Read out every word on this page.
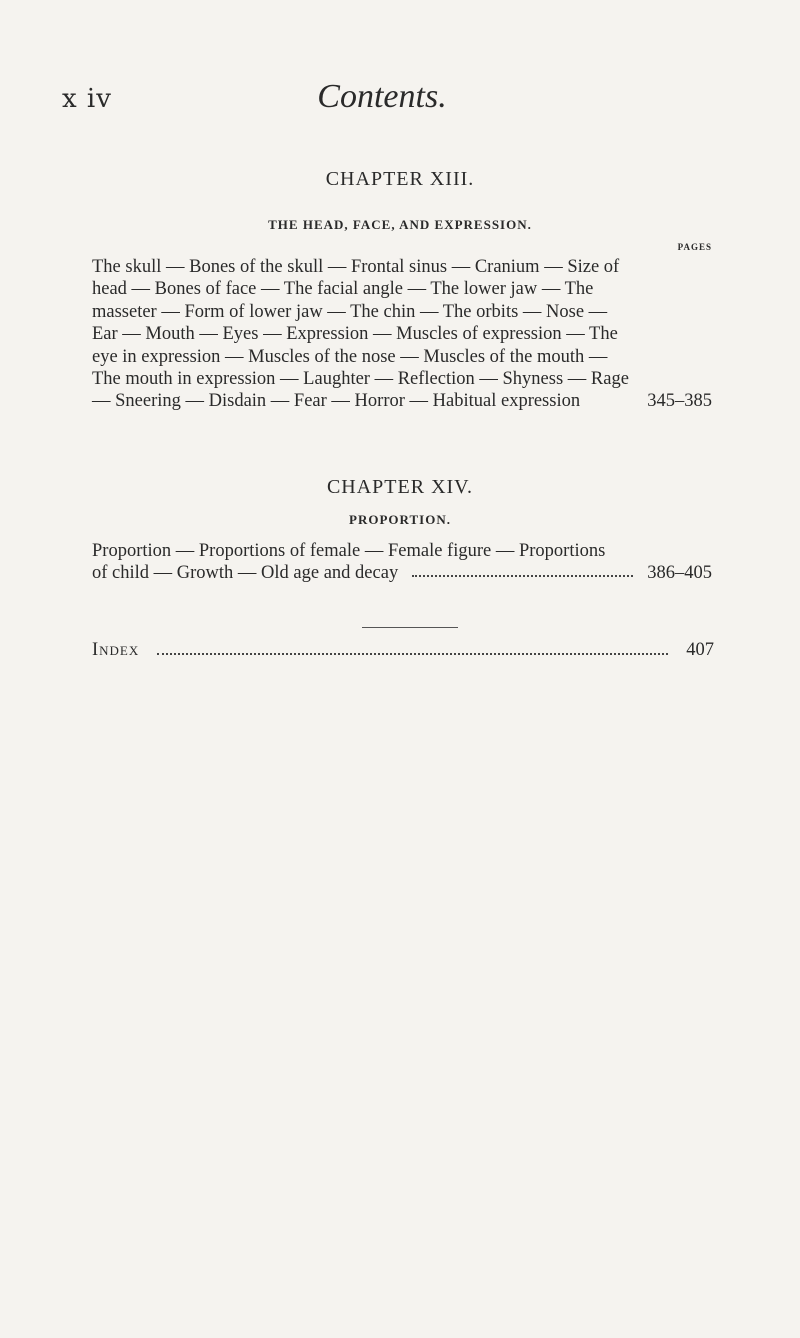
x iv	Contents.
CHAPTER XIII.
THE HEAD, FACE, AND EXPRESSION.
PAGES
The skull — Bones of the skull — Frontal sinus — Cranium — Size of
head — Bones of face — The facial angle — The lower jaw — The
masseter — Form of lower jaw — The chin — The orbits — Nose —
Ear — Mouth — Eyes — Expression — Muscles of expression — The
eye in expression — Muscles of the nose — Muscles of the mouth —
The mouth in expression — Laughter — Reflection — Shyness — Rage
— Sneering — Disdain — Fear — Horror — Habitual expression	345–385
CHAPTER XIV.
PROPORTION.
Proportion — Proportions of female — Female figure — Proportions
of child — Growth — Old age and decay	386–405
Index	407
